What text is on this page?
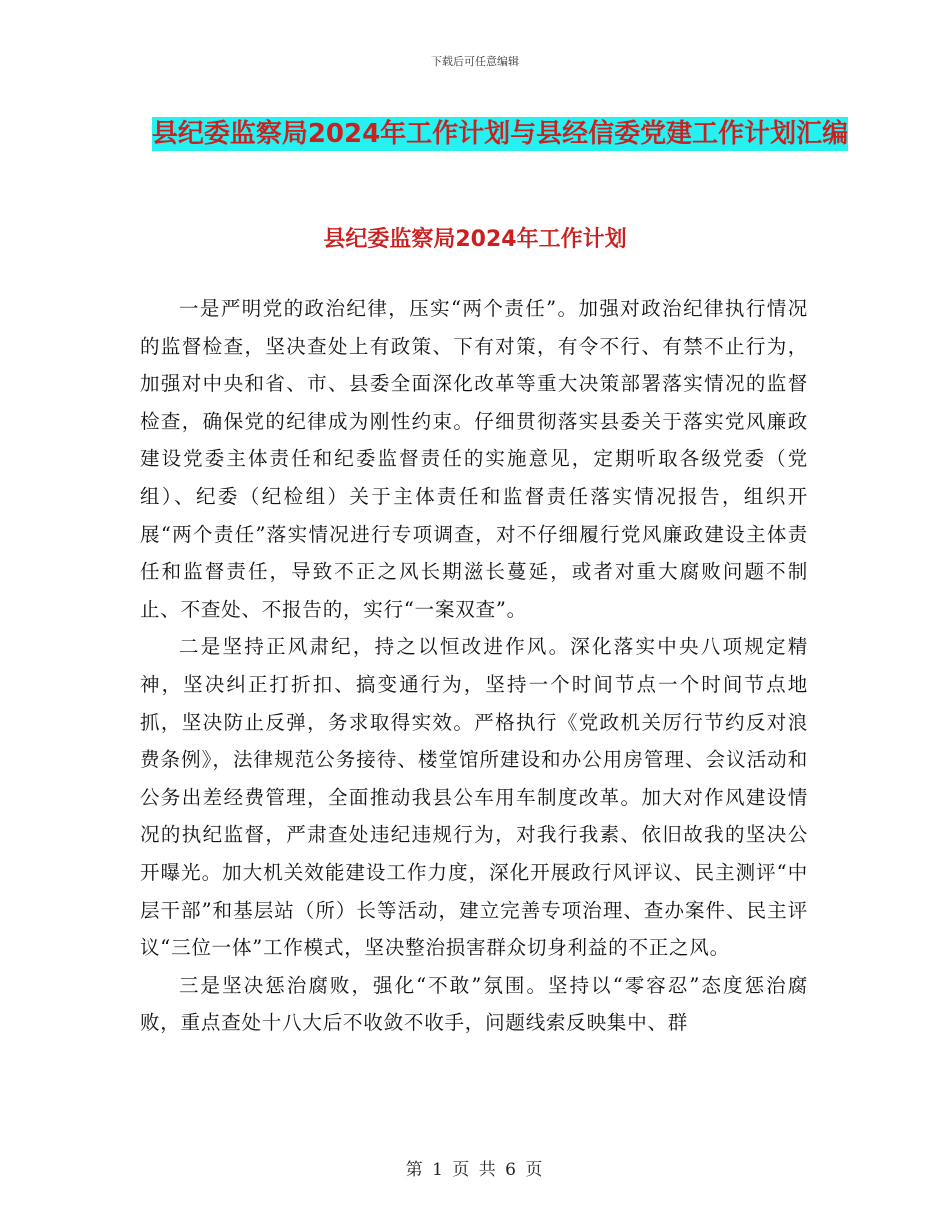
下载后可任意编辑
县纪委监察局2024年工作计划与县经信委党建工作计划汇编
县纪委监察局2024年工作计划

一是严明党的政治纪律，压实“两个责任”。加强对政治纪律执行情况的监督检查，坚决查处上有政策、下有对策，有令不行、有禁不止行为，加强对中央和省、市、县委全面深化改革等重大决策部署落实情况的监督检查，确保党的纪律成为刚性约束。仔细贯彻落实县委关于落实党风廉政建设党委主体责任和纪委监督责任的实施意见，定期听取各级党委（党组）、纪委（纪检组）关于主体责任和监督责任落实情况报告，组织开展“两个责任”落实情况进行专项调查，对不仔细履行党风廉政建设主体责任和监督责任，导致不正之风长期滋长蔓延，或者对重大腐败问题不制止、不查处、不报告的，实行“一案双查”。

二是坚持正风肃纪，持之以恒改进作风。深化落实中央八项规定精神，坚决纠正打折扣、搞变通行为，坚持一个时间节点一个时间节点地抓，坚决防止反弹，务求取得实效。严格执行《党政机关厉行节约反对浪费条例》，法律规范公务接待、楼堂馆所建设和办公用房管理、会议活动和公务出差经费管理，全面推动我县公车用车制度改革。加大对作风建设情况的执纪监督，严肃查处违纪违规行为，对我行我素、依旧故我的坚决公开曝光。加大机关效能建设工作力度，深化开展政行风评议、民主测评“中层干部”和基层站（所）长等活动，建立完善专项治理、查办案件、民主评议“三位一体”工作模式，坚决整治损害群众切身利益的不正之风。

三是坚决惩治腐败，强化“不敢”氛围。坚持以“零容忍”态度惩治腐败，重点查处十八大后不收敛不收手，问题线索反映集中、群

第 1 页 共 6 页
